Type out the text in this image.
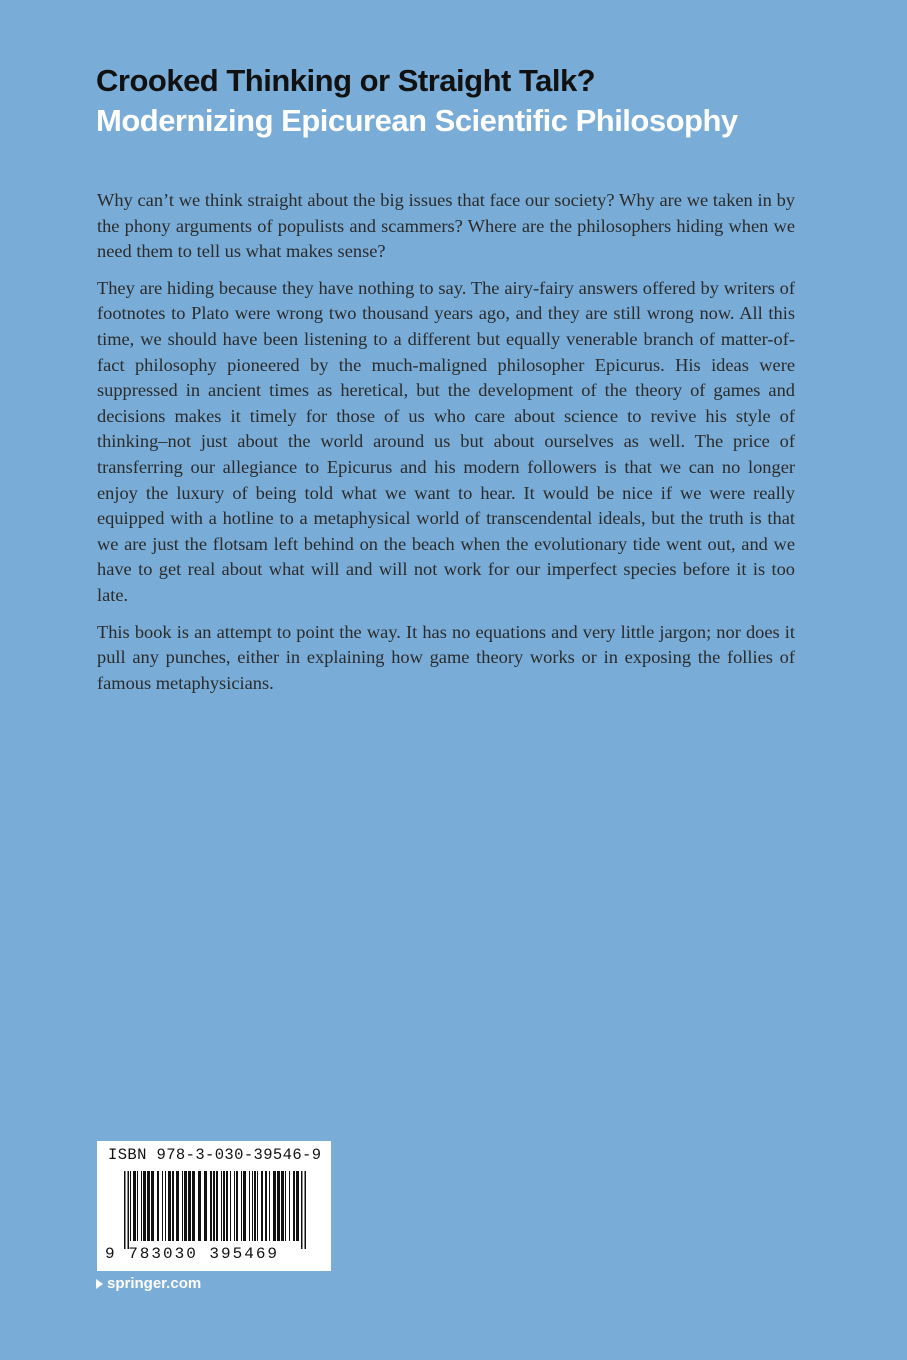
Crooked Thinking or Straight Talk?
Modernizing Epicurean Scientific Philosophy

Why can’t we think straight about the big issues that face our society? Why are we taken in by the phony arguments of populists and scammers? Where are the philosophers hiding when we need them to tell us what makes sense?

They are hiding because they have nothing to say. The airy-fairy answers offered by writers of footnotes to Plato were wrong two thousand years ago, and they are still wrong now. All this time, we should have been listening to a different but equally venerable branch of matter-of-fact philosophy pioneered by the much-maligned philosopher Epicurus. His ideas were suppressed in ancient times as heretical, but the development of the theory of games and decisions makes it timely for those of us who care about science to revive his style of thinking–not just about the world around us but about ourselves as well. The price of transferring our allegiance to Epicurus and his modern followers is that we can no longer enjoy the luxury of being told what we want to hear. It would be nice if we were really equipped with a hotline to a metaphysical world of transcendental ideals, but the truth is that we are just the flotsam left behind on the beach when the evolutionary tide went out, and we have to get real about what will and will not work for our imperfect species before it is too late.

This book is an attempt to point the way. It has no equations and very little jargon; nor does it pull any punches, either in explaining how game theory works or in exposing the follies of famous metaphysicians.

ISBN 978-3-030-39546-9
9 783030 395469
springer.com
